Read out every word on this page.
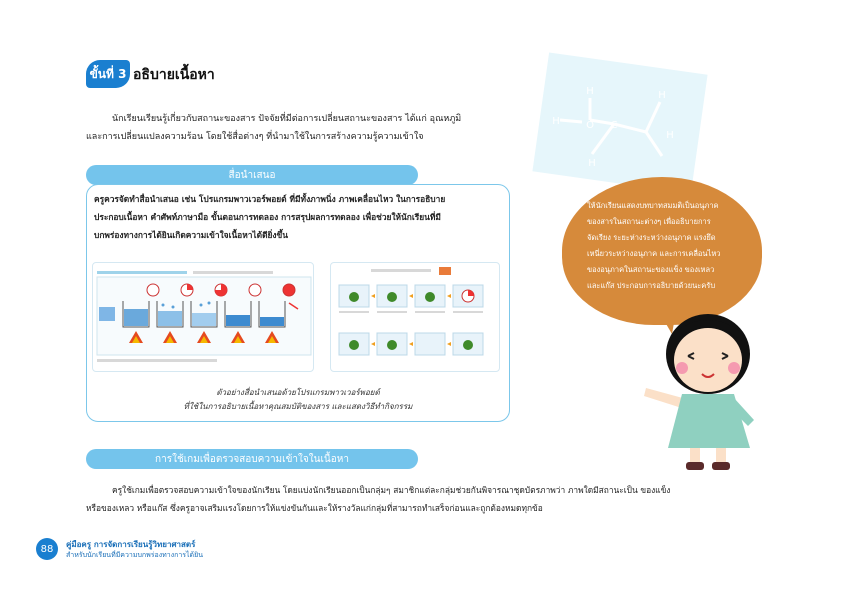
ขั้นที่ 3 อธิบายเนื้อหา
นักเรียนเรียนรู้เกี่ยวกับสถานะของสาร ปัจจัยที่มีต่อการเปลี่ยนสถานะของสาร ได้แก่ อุณหภูมิ
และการเปลี่ยนแปลงความร้อน โดยใช้สื่อต่างๆ ที่นำมาใช้ในการสร้างความรู้ความเข้าใจ
สื่อนำเสนอ
ครูควรจัดทำสื่อนำเสนอ เช่น โปรแกรมพาวเวอร์พอยต์ ที่มีทั้งภาพนิ่ง ภาพเคลื่อนไหว ในการอธิบาย
ประกอบเนื้อหา คำศัพท์ภาษามือ ขั้นตอนการทดลอง การสรุปผลการทดลอง เพื่อช่วยให้นักเรียนที่มี
บกพร่องทางการได้ยินเกิดความเข้าใจเนื้อหาได้ดียิ่งขึ้น
ตัวอย่างสื่อนำเสนอด้วยโปรแกรมพาวเวอร์พอยต์
ที่ใช้ในการอธิบายเนื้อหาคุณสมบัติของสาร และแสดงวิธีทำกิจกรรม
การใช้เกมเพื่อตรวจสอบความเข้าใจในเนื้อหา
ครูใช้เกมเพื่อตรวจสอบความเข้าใจของนักเรียน โดยแบ่งนักเรียนออกเป็นกลุ่มๆ สมาชิกแต่ละกลุ่มช่วยกันพิจารณาชุดบัตรภาพว่า ภาพใดมีสถานะเป็น ของแข็ง
หรือของเหลว หรือแก๊ส ซึ่งครูอาจเสริมแรงโดยการให้แข่งขันกันและให้รางวัลแก่กลุ่มที่สามารถทำเสร็จก่อนและถูกต้องหมดทุกข้อ
H
H	O C
H
H
H
ให้นักเรียนแสดงบทบาทสมมติเป็นอนุภาค
ของสารในสถานะต่างๆ เพื่ออธิบายการ
จัดเรียง ระยะห่างระหว่างอนุภาค แรงยึด
เหนี่ยวระหว่างอนุภาค และการเคลื่อนไหว
ของอนุภาคในสถานะของแข็ง ของเหลว
และแก๊ส ประกอบการอธิบายด้วยนะครับ
88	คู่มือครู การจัดการเรียนรู้วิทยาศาสตร์
สำหรับนักเรียนที่มีความบกพร่องทางการได้ยิน
